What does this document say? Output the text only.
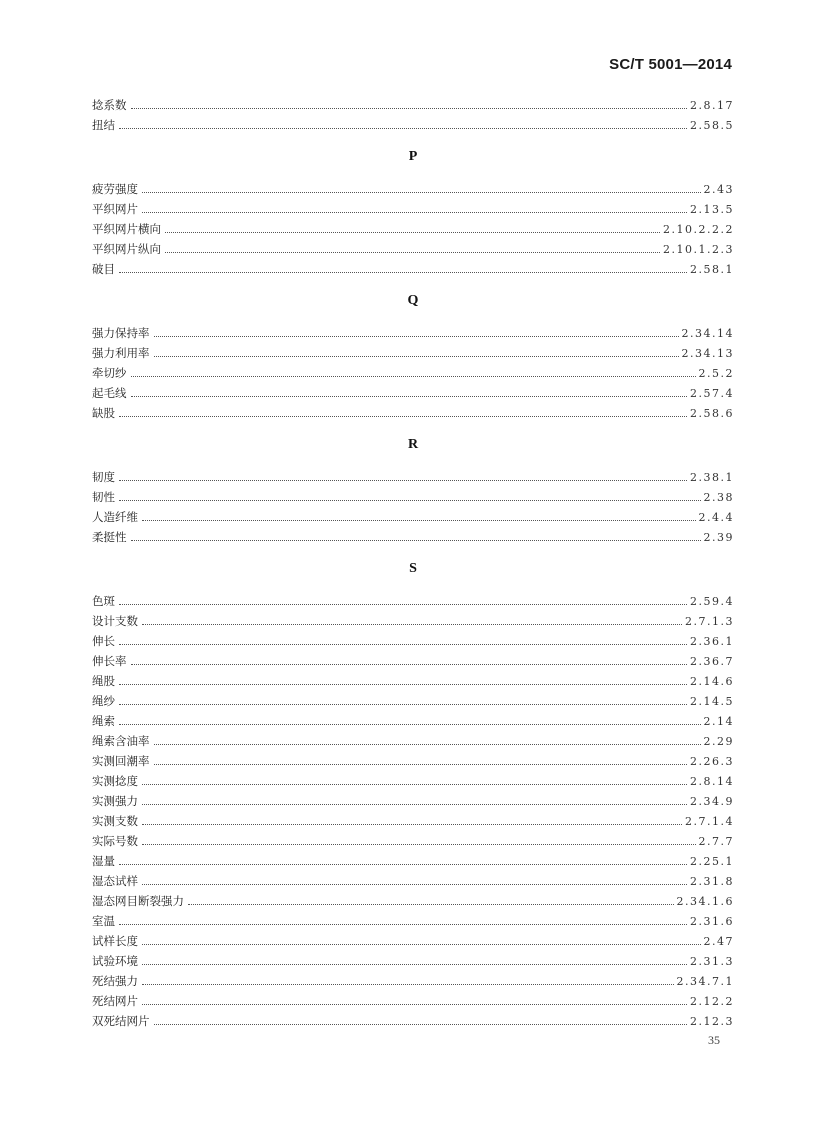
SC/T 5001—2014
捻系数	2.8.17
扭结	2.58.5
P
疲劳强度	2.43
平织网片	2.13.5
平织网片横向	2.10.2.2.2
平织网片纵向	2.10.1.2.3
破目	2.58.1
Q
强力保持率	2.34.14
强力利用率	2.34.13
牵切纱	2.5.2
起毛线	2.57.4
缺股	2.58.6
R
韧度	2.38.1
韧性	2.38
人造纤维	2.4.4
柔挺性	2.39
S
色斑	2.59.4
设计支数	2.7.1.3
伸长	2.36.1
伸长率	2.36.7
绳股	2.14.6
绳纱	2.14.5
绳索	2.14
绳索含油率	2.29
实测回潮率	2.26.3
实测捻度	2.8.14
实测强力	2.34.9
实测支数	2.7.1.4
实际号数	2.7.7
湿量	2.25.1
湿态试样	2.31.8
湿态网目断裂强力	2.34.1.6
室温	2.31.6
试样长度	2.47
试验环境	2.31.3
死结强力	2.34.7.1
死结网片	2.12.2
双死结网片	2.12.3
35
